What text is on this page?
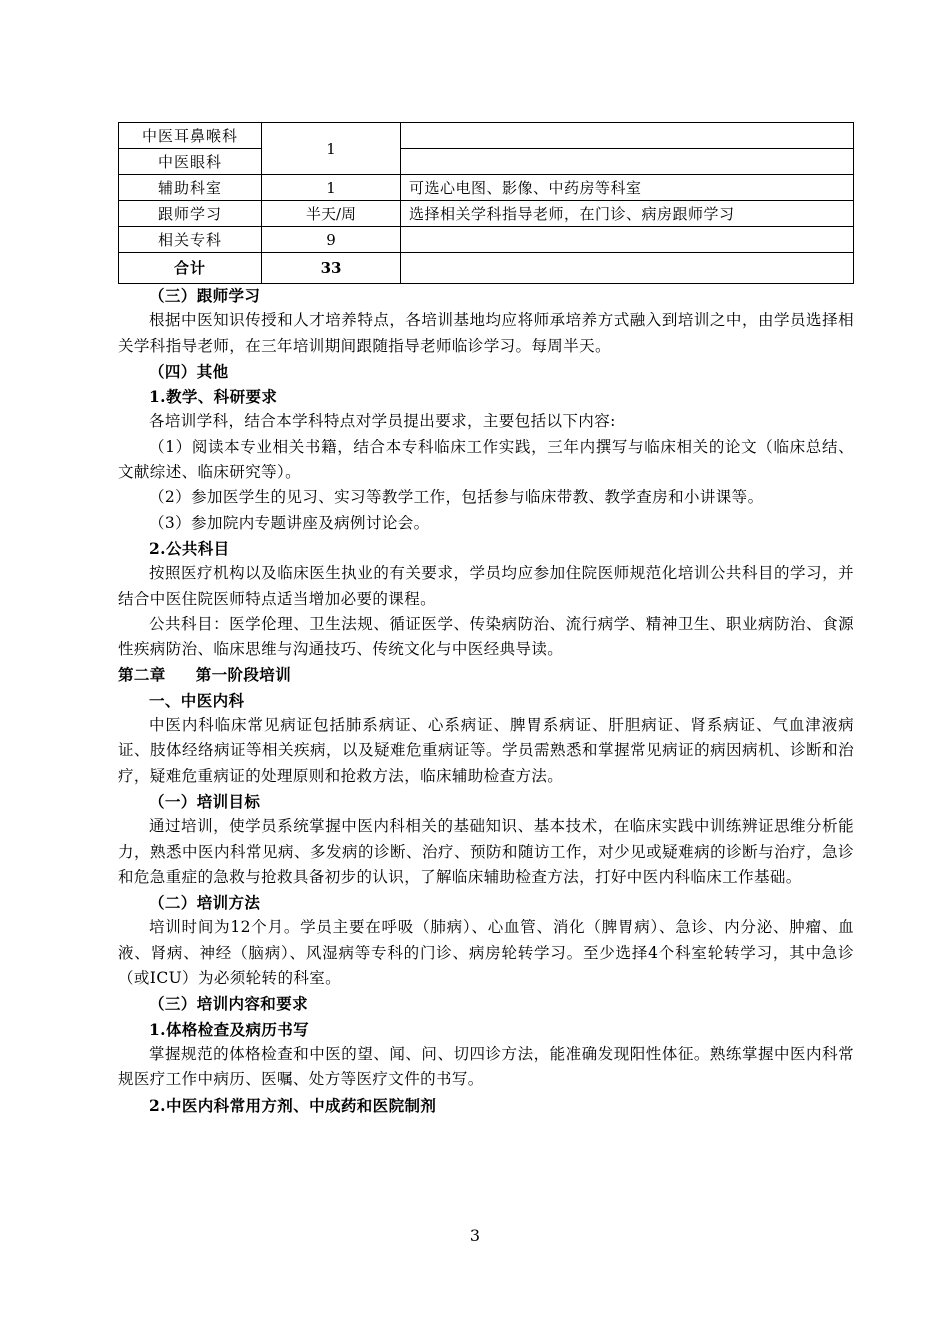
中医耳鼻喉科	1	
中医眼科		
辅助科室	1	可选心电图、影像、中药房等科室
跟师学习	半天/周	选择相关学科指导老师，在门诊、病房跟师学习
相关专科	9	
合计	33	

（三）跟师学习

根据中医知识传授和人才培养特点，各培训基地均应将师承培养方式融入到培训之中，由学员选择相关学科指导老师，在三年培训期间跟随指导老师临诊学习。每周半天。

（四）其他

1.教学、科研要求

各培训学科，结合本学科特点对学员提出要求，主要包括以下内容:

（1）阅读本专业相关书籍，结合本专科临床工作实践，三年内撰写与临床相关的论文（临床总结、文献综述、临床研究等）。

（2）参加医学生的见习、实习等教学工作，包括参与临床带教、教学查房和小讲课等。

（3）参加院内专题讲座及病例讨论会。

2.公共科目

按照医疗机构以及临床医生执业的有关要求，学员均应参加住院医师规范化培训公共科目的学习，并结合中医住院医师特点适当增加必要的课程。

公共科目：医学伦理、卫生法规、循证医学、传染病防治、流行病学、精神卫生、职业病防治、食源性疾病防治、临床思维与沟通技巧、传统文化与中医经典导读。

第二章 第一阶段培训

一、中医内科

中医内科临床常见病证包括肺系病证、心系病证、脾胃系病证、肝胆病证、肾系病证、气血津液病证、肢体经络病证等相关疾病，以及疑难危重病证等。学员需熟悉和掌握常见病证的病因病机、诊断和治疗，疑难危重病证的处理原则和抢救方法，临床辅助检查方法。

（一）培训目标

通过培训，使学员系统掌握中医内科相关的基础知识、基本技术，在临床实践中训练辨证思维分析能力，熟悉中医内科常见病、多发病的诊断、治疗、预防和随访工作，对少见或疑难病的诊断与治疗，急诊和危急重症的急救与抢救具备初步的认识，了解临床辅助检查方法，打好中医内科临床工作基础。

（二）培训方法

培训时间为12个月。学员主要在呼吸（肺病）、心血管、消化（脾胃病）、急诊、内分泌、肿瘤、血液、肾病、神经（脑病）、风湿病等专科的门诊、病房轮转学习。至少选择4个科室轮转学习，其中急诊（或ICU）为必须轮转的科室。

（三）培训内容和要求

1.体格检查及病历书写

掌握规范的体格检查和中医的望、闻、问、切四诊方法，能准确发现阳性体征。熟练掌握中医内科常规医疗工作中病历、医嘱、处方等医疗文件的书写。

2.中医内科常用方剂、中成药和医院制剂

3
